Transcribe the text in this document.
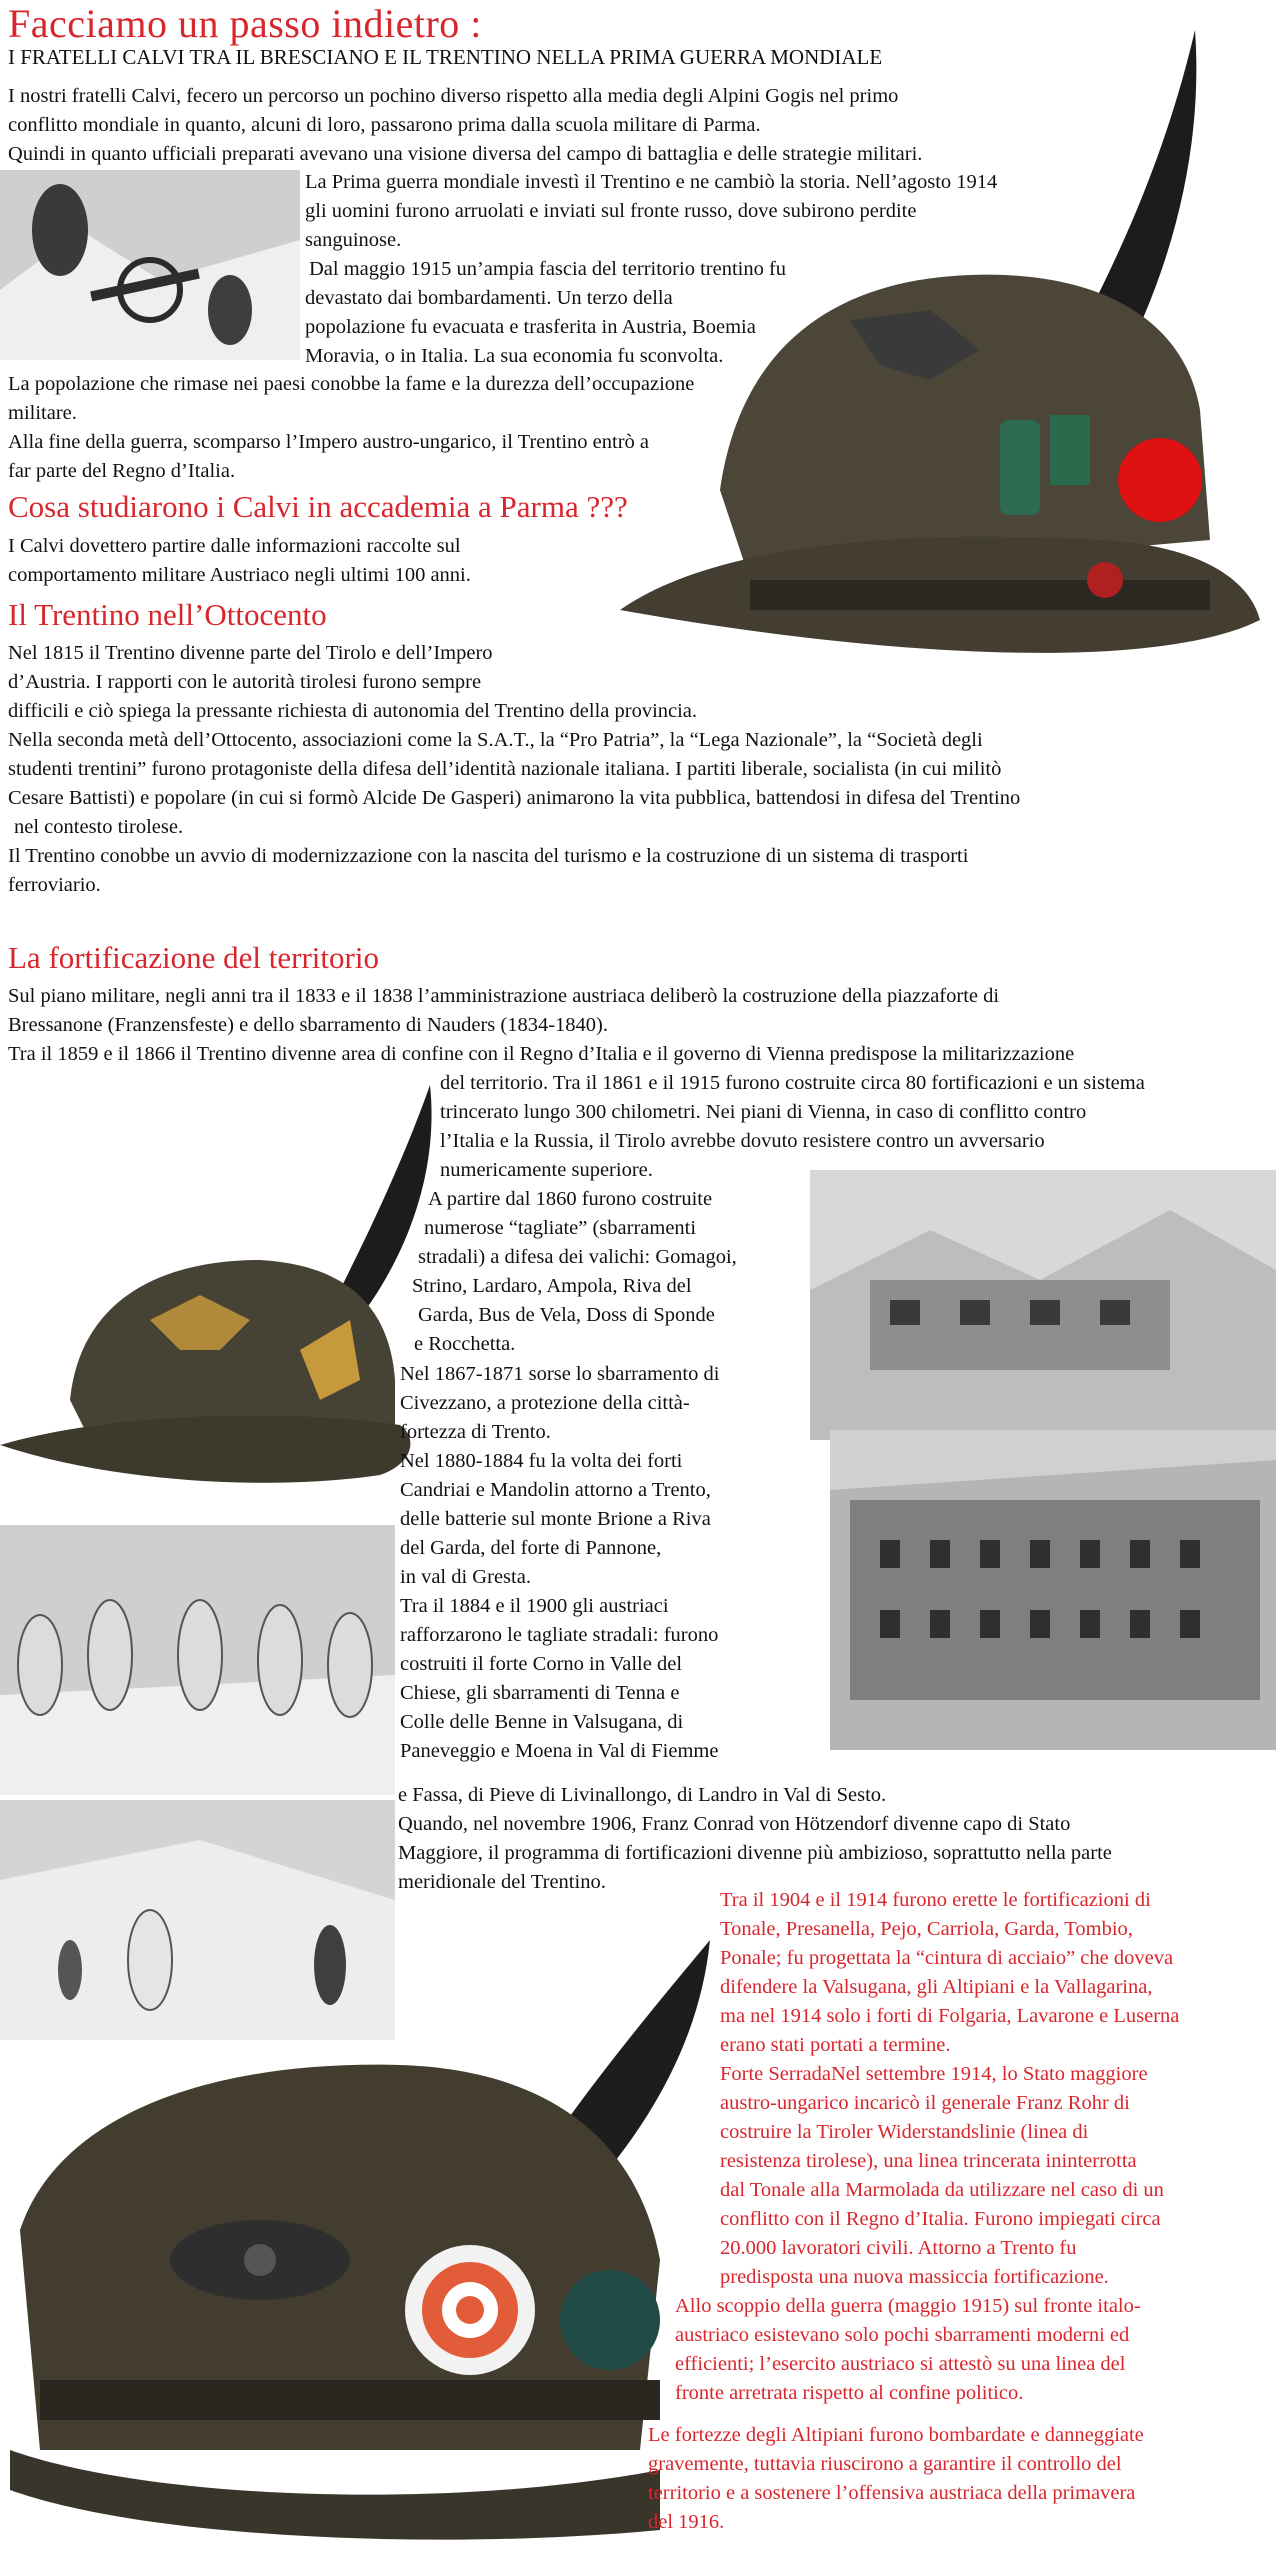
Facciamo un passo indietro :
I FRATELLI CALVI TRA IL BRESCIANO E IL TRENTINO NELLA PRIMA GUERRA MONDIALE

I nostri fratelli Calvi, fecero un percorso un pochino diverso rispetto alla media degli Alpini Gogis nel primo

conflitto mondiale in quanto, alcuni di loro, passarono prima dalla scuola militare di Parma.

Quindi in quanto ufficiali preparati avevano una visione diversa del campo di battaglia e delle strategie militari.

La Prima guerra mondiale investì il Trentino e ne cambiò la storia. Nell’agosto 1914

gli uomini furono arruolati e inviati sul fronte russo, dove subirono perdite

sanguinose.

Dal maggio 1915 un’ampia fascia del territorio trentino fu

devastato dai bombardamenti. Un terzo della

popolazione fu evacuata e trasferita in Austria, Boemia

Moravia, o in Italia. La sua economia fu sconvolta.

La popolazione che rimase nei paesi conobbe la fame e la durezza dell’occupazione

militare.

Alla fine della guerra, scomparso l’Impero austro-ungarico, il Trentino entrò a

far parte del Regno d’Italia.

Cosa studiarono i Calvi in accademia a Parma ???

I Calvi dovettero partire dalle informazioni raccolte sul

comportamento militare Austriaco negli ultimi 100 anni.

Il Trentino nell’Ottocento

Nel 1815 il Trentino divenne parte del Tirolo e dell’Impero

d’Austria. I rapporti con le autorità tirolesi furono sempre

difficili e ciò spiega la pressante richiesta di autonomia del Trentino della provincia.

Nella seconda metà dell’Ottocento, associazioni come la S.A.T., la “Pro Patria”, la “Lega Nazionale”, la “Società degli

studenti trentini” furono protagoniste della difesa dell’identità nazionale italiana. I partiti liberale, socialista (in cui militò

Cesare Battisti) e popolare (in cui si formò Alcide De Gasperi) animarono la vita pubblica, battendosi in difesa del Trentino

nel contesto tirolese.

Il Trentino conobbe un avvio di modernizzazione con la nascita del turismo e la costruzione di un sistema di trasporti

ferroviario.

La fortificazione del territorio

Sul piano militare, negli anni tra il 1833 e il 1838 l’amministrazione austriaca deliberò la costruzione della piazzaforte di

Bressanone (Franzensfeste) e dello sbarramento di Nauders (1834-1840).

Tra il 1859 e il 1866 il Trentino divenne area di confine con il Regno d’Italia e il governo di Vienna predispose la militarizzazione

del territorio. Tra il 1861 e il 1915 furono costruite circa 80 fortificazioni e un sistema

trincerato lungo 300 chilometri. Nei piani di Vienna, in caso di conflitto contro

l’Italia e la Russia, il Tirolo avrebbe dovuto resistere contro un avversario

numericamente superiore.

A partire dal 1860 furono costruite

numerose “tagliate” (sbarramenti

stradali) a difesa dei valichi: Gomagoi,

Strino, Lardaro, Ampola, Riva del

Garda, Bus de Vela, Doss di Sponde

e Rocchetta.

Nel 1867-1871 sorse lo sbarramento di

Civezzano, a protezione della città-

fortezza di Trento.

Nel 1880-1884 fu la volta dei forti

Candriai e Mandolin attorno a Trento,

delle batterie sul monte Brione a Riva

del Garda, del forte di Pannone,

in val di Gresta.

Tra il 1884 e il 1900 gli austriaci

rafforzarono le tagliate stradali: furono

costruiti il forte Corno in Valle del

Chiese, gli sbarramenti di Tenna e

Colle delle Benne in Valsugana, di

Paneveggio e Moena in Val di Fiemme

e Fassa, di Pieve di Livinallongo, di Landro in Val di Sesto.

Quando, nel novembre 1906, Franz Conrad von Hötzendorf divenne capo di Stato

Maggiore, il programma di fortificazioni divenne più ambizioso, soprattutto nella parte

meridionale del Trentino.

Tra il 1904 e il 1914 furono erette le fortificazioni di

Tonale, Presanella, Pejo, Carriola, Garda, Tombio,

Ponale; fu progettata la “cintura di acciaio” che doveva

difendere la Valsugana, gli Altipiani e la Vallagarina,

ma nel 1914 solo i forti di Folgaria, Lavarone e Luserna

erano stati portati a termine.

Forte SerradaNel settembre 1914, lo Stato maggiore

austro-ungarico incaricò il generale Franz Rohr di

costruire la Tiroler Widerstandslinie (linea di

resistenza tirolese), una linea trincerata ininterrotta

dal Tonale alla Marmolada da utilizzare nel caso di un

conflitto con il Regno d’Italia. Furono impiegati circa

20.000 lavoratori civili. Attorno a Trento fu

predisposta una nuova massiccia fortificazione.

Allo scoppio della guerra (maggio 1915) sul fronte italo-

austriaco esistevano solo pochi sbarramenti moderni ed

efficienti; l’esercito austriaco si attestò su una linea del

fronte arretrata rispetto al confine politico.

Le fortezze degli Altipiani furono bombardate e danneggiate

gravemente, tuttavia riuscirono a garantire il controllo del

territorio e a sostenere l’offensiva austriaca della primavera

del 1916.
